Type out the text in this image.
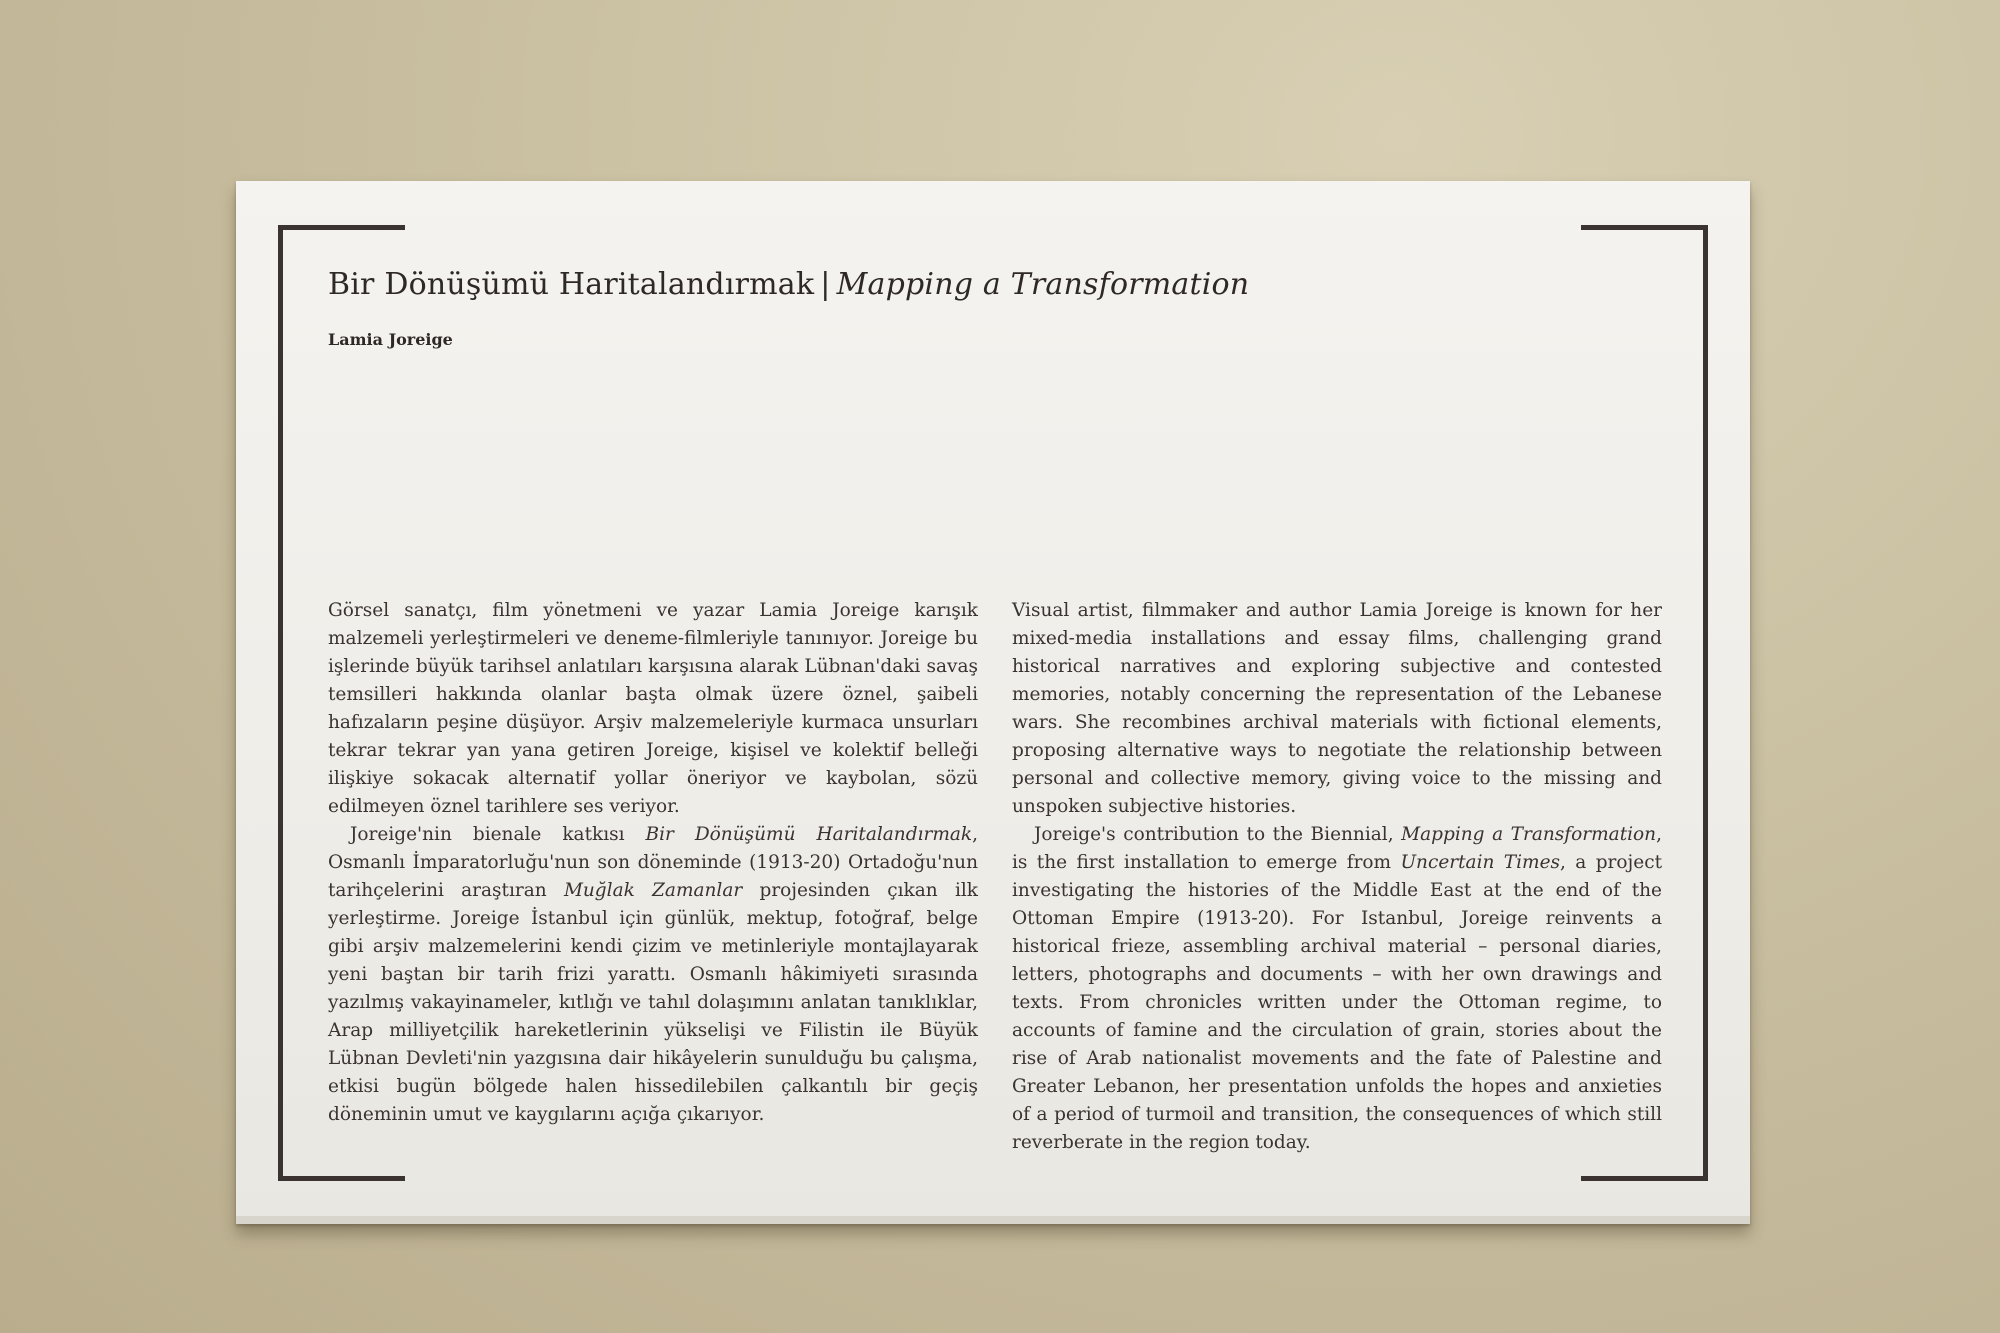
Bir Dönüşümü Haritalandırmak | Mapping a Transformation

Lamia Joreige

Görsel sanatçı, film yönetmeni ve yazar Lamia Joreige karışık malzemeli yerleştirmeleri ve deneme-filmleriyle tanınıyor. Joreige bu işlerinde büyük tarihsel anlatıları karşısına alarak Lübnan'daki savaş temsilleri hakkında olanlar başta olmak üzere öznel, şaibeli hafızaların peşine düşüyor. Arşiv malzemeleriyle kurmaca unsurları tekrar tekrar yan yana getiren Joreige, kişisel ve kolektif belleği ilişkiye sokacak alternatif yollar öneriyor ve kaybolan, sözü edilmeyen öznel tarihlere ses veriyor.

Joreige'nin bienale katkısı Bir Dönüşümü Haritalandırmak, Osmanlı İmparatorluğu'nun son döneminde (1913-20) Ortadoğu'nun tarihçelerini araştıran Muğlak Zamanlar projesinden çıkan ilk yerleştirme. Joreige İstanbul için günlük, mektup, fotoğraf, belge gibi arşiv malzemelerini kendi çizim ve metinleriyle montajlayarak yeni baştan bir tarih frizi yarattı. Osmanlı hâkimiyeti sırasında yazılmış vakayinameler, kıtlığı ve tahıl dolaşımını anlatan tanıklıklar, Arap milliyetçilik hareketlerinin yükselişi ve Filistin ile Büyük Lübnan Devleti'nin yazgısına dair hikâyelerin sunulduğu bu çalışma, etkisi bugün bölgede halen hissedilebilen çalkantılı bir geçiş döneminin umut ve kaygılarını açığa çıkarıyor.

Visual artist, filmmaker and author Lamia Joreige is known for her mixed-media installations and essay films, challenging grand historical narratives and exploring subjective and contested memories, notably concerning the representation of the Lebanese wars. She recombines archival materials with fictional elements, proposing alternative ways to negotiate the relationship between personal and collective memory, giving voice to the missing and unspoken subjective histories.

Joreige's contribution to the Biennial, Mapping a Transformation, is the first installation to emerge from Uncertain Times, a project investigating the histories of the Middle East at the end of the Ottoman Empire (1913-20). For Istanbul, Joreige reinvents a historical frieze, assembling archival material – personal diaries, letters, photographs and documents – with her own drawings and texts. From chronicles written under the Ottoman regime, to accounts of famine and the circulation of grain, stories about the rise of Arab nationalist movements and the fate of Palestine and Greater Lebanon, her presentation unfolds the hopes and anxieties of a period of turmoil and transition, the consequences of which still reverberate in the region today.
